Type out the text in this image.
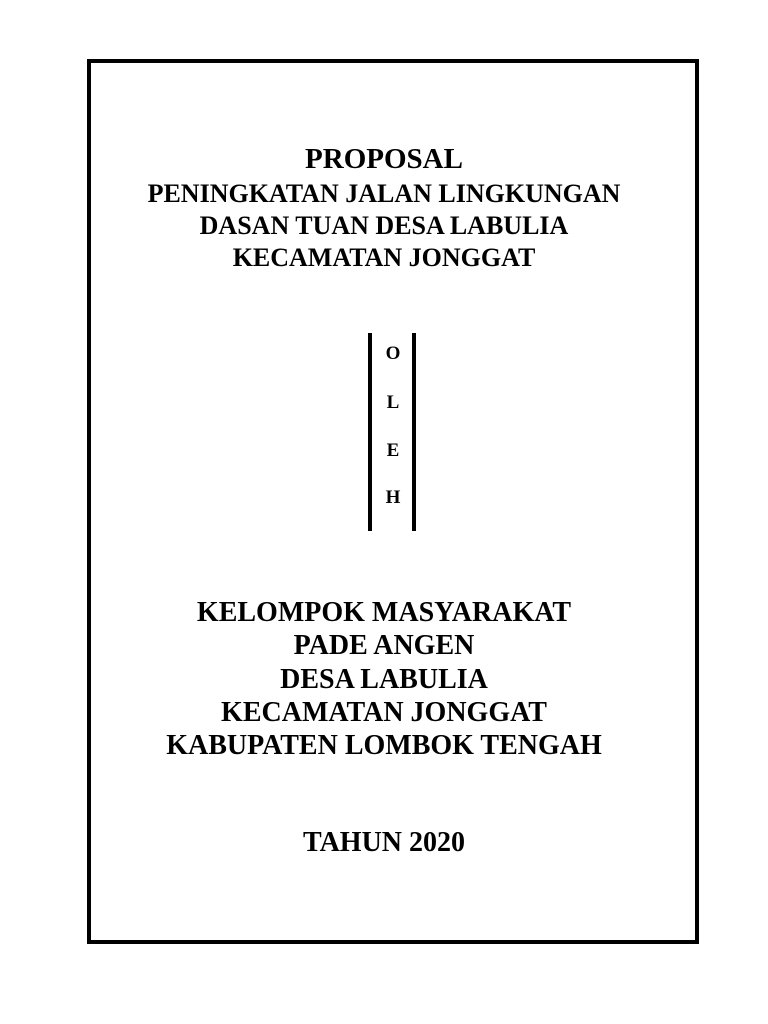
PROPOSAL
PENINGKATAN JALAN LINGKUNGAN
DASAN TUAN DESA LABULIA
KECAMATAN JONGGAT
O
L
E
H
KELOMPOK MASYARAKAT
PADE ANGEN
DESA LABULIA
KECAMATAN JONGGAT
KABUPATEN LOMBOK TENGAH
TAHUN 2020
